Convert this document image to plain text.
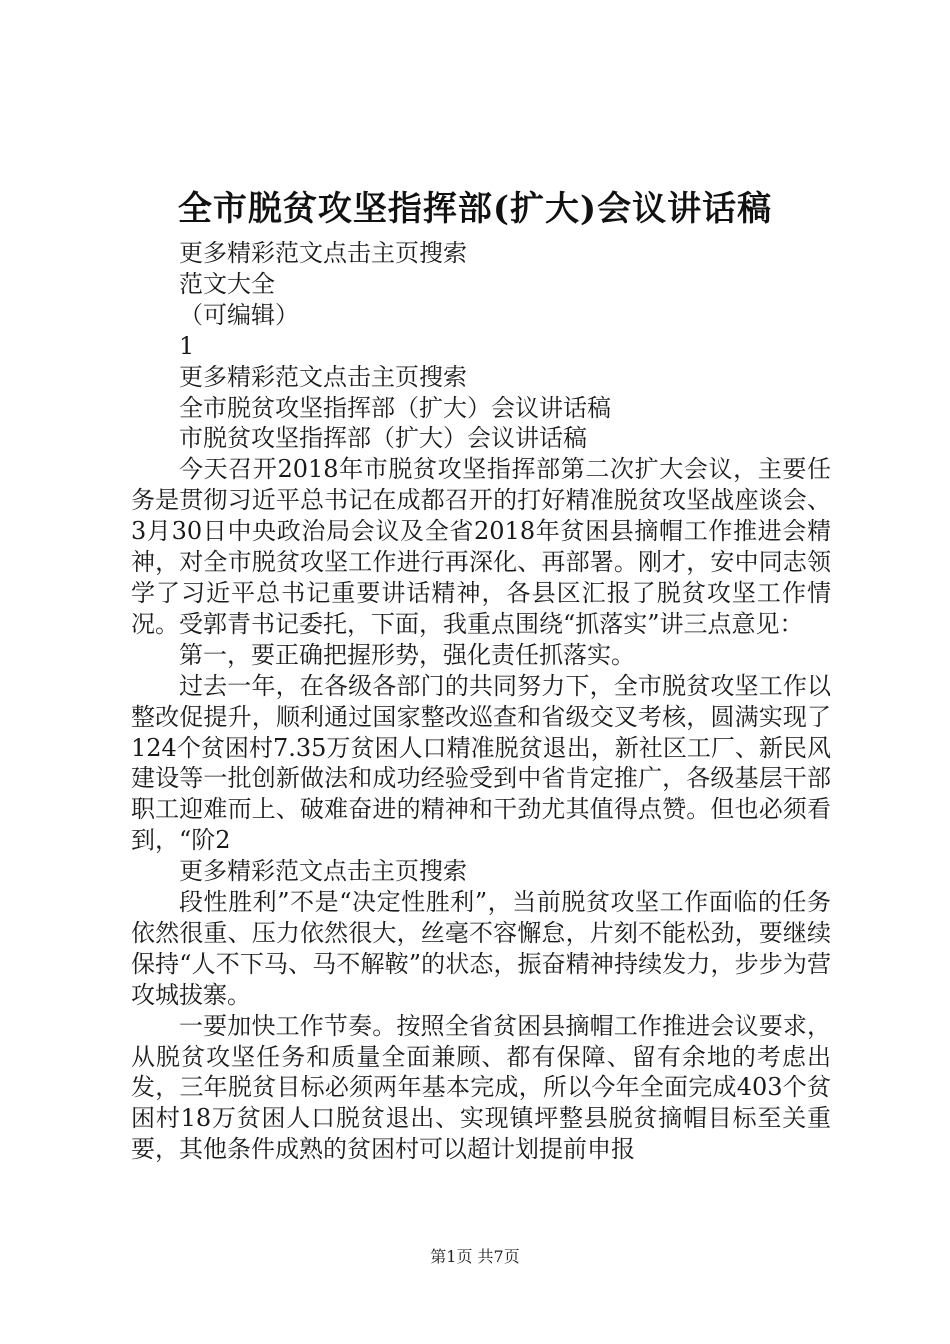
全市脱贫攻坚指挥部(扩大)会议讲话稿

更多精彩范文点击主页搜索

范文大全

（可编辑）

1

更多精彩范文点击主页搜索

全市脱贫攻坚指挥部（扩大）会议讲话稿

市脱贫攻坚指挥部（扩大）会议讲话稿

今天召开2018年市脱贫攻坚指挥部第二次扩大会议，主要任务是贯彻习近平总书记在成都召开的打好精准脱贫攻坚战座谈会、3月30日中央政治局会议及全省2018年贫困县摘帽工作推进会精神，对全市脱贫攻坚工作进行再深化、再部署。刚才，安中同志领学了习近平总书记重要讲话精神，各县区汇报了脱贫攻坚工作情况。受郭青书记委托，下面，我重点围绕“抓落实”讲三点意见：

第一，要正确把握形势，强化责任抓落实。

过去一年，在各级各部门的共同努力下，全市脱贫攻坚工作以整改促提升，顺利通过国家整改巡查和省级交叉考核，圆满实现了124个贫困村7.35万贫困人口精准脱贫退出，新社区工厂、新民风建设等一批创新做法和成功经验受到中省肯定推广，各级基层干部职工迎难而上、破难奋进的精神和干劲尤其值得点赞。但也必须看到，“阶2

更多精彩范文点击主页搜索

段性胜利”不是“决定性胜利”，当前脱贫攻坚工作面临的任务依然很重、压力依然很大，丝毫不容懈怠，片刻不能松劲，要继续保持“人不下马、马不解鞍”的状态，振奋精神持续发力，步步为营攻城拔寨。

一要加快工作节奏。按照全省贫困县摘帽工作推进会议要求，从脱贫攻坚任务和质量全面兼顾、都有保障、留有余地的考虑出发，三年脱贫目标必须两年基本完成，所以今年全面完成403个贫困村18万贫困人口脱贫退出、实现镇坪整县脱贫摘帽目标至关重要，其他条件成熟的贫困村可以超计划提前申报

第1页 共7页
